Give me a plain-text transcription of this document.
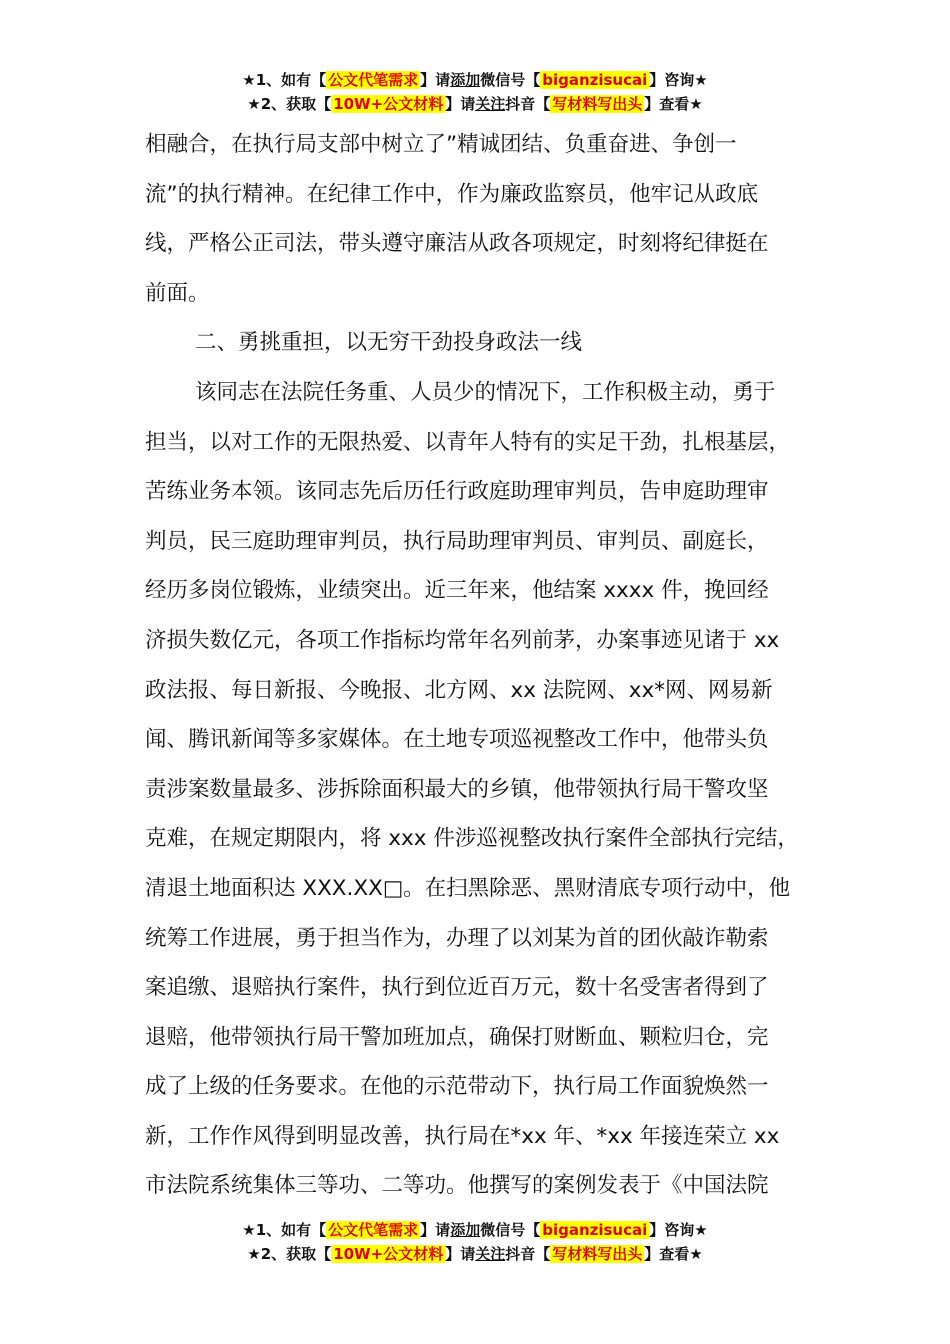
★1、如有【 公文代笔需求 】请添加微信号【 biganzisucai 】咨询★
★2、获取【 10W+公文材料 】请关注抖音【 写材料写出头 】查看★
相融合，在执行局支部中树立了”精诚团结、负重奋进、争创一
流”的执行精神。在纪律工作中，作为廉政监察员，他牢记从政底
线，严格公正司法，带头遵守廉洁从政各项规定，时刻将纪律挺在
前面。
二、勇挑重担，以无穷干劲投身政法一线
该同志在法院任务重、人员少的情况下，工作积极主动，勇于
担当，以对工作的无限热爱、以青年人特有的实足干劲，扎根基层，
苦练业务本领。该同志先后历任行政庭助理审判员，告申庭助理审
判员，民三庭助理审判员，执行局助理审判员、审判员、副庭长，
经历多岗位锻炼，业绩突出。近三年来，他结案 xxxx 件，挽回经
济损失数亿元，各项工作指标均常年名列前茅，办案事迹见诸于 xx
政法报、每日新报、今晚报、北方网、xx 法院网、xx*网、网易新
闻、腾讯新闻等多家媒体。在土地专项巡视整改工作中，他带头负
责涉案数量最多、涉拆除面积最大的乡镇，他带领执行局干警攻坚
克难，在规定期限内，将 xxx 件涉巡视整改执行案件全部执行完结，
清退土地面积达 XXX.XX□。在扫黑除恶、黑财清底专项行动中，他
统筹工作进展，勇于担当作为，办理了以刘某为首的团伙敲诈勒索
案追缴、退赔执行案件，执行到位近百万元，数十名受害者得到了
退赔，他带领执行局干警加班加点，确保打财断血、颗粒归仓，完
成了上级的任务要求。在他的示范带动下，执行局工作面貌焕然一
新，工作作风得到明显改善，执行局在*xx 年、*xx 年接连荣立 xx
市法院系统集体三等功、二等功。他撰写的案例发表于《中国法院
★1、如有【 公文代笔需求 】请添加微信号【 biganzisucai 】咨询★
★2、获取【 10W+公文材料 】请关注抖音【 写材料写出头 】查看★
